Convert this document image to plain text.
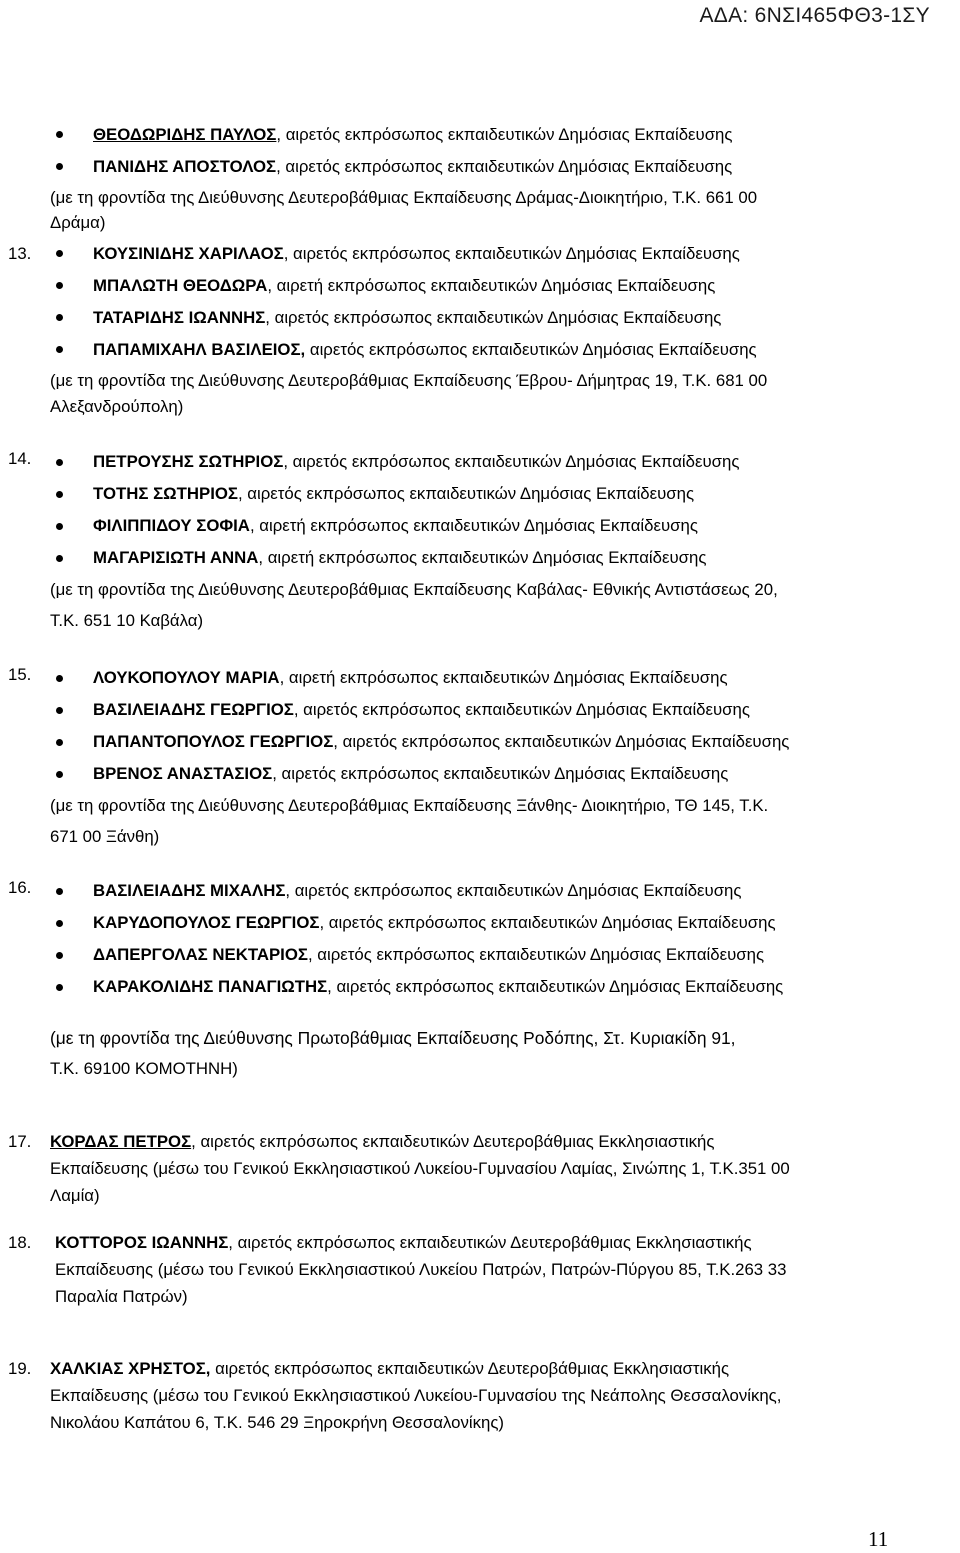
ΑΔΑ: 6ΝΣΙ465ΦΘ3-1ΣΥ
ΘΕΟΔΩΡΙΔΗΣ ΠΑΥΛΟΣ, αιρετός εκπρόσωπος εκπαιδευτικών Δημόσιας Εκπαίδευσης
ΠΑΝΙΔΗΣ ΑΠΟΣΤΟΛΟΣ, αιρετός εκπρόσωπος εκπαιδευτικών Δημόσιας Εκπαίδευσης
(με τη φροντίδα της Διεύθυνσης Δευτεροβάθμιας Εκπαίδευσης Δράμας-Διοικητήριο, Τ.Κ. 661 00
Δράμα)
13.	ΚΟΥΣΙΝΙΔΗΣ ΧΑΡΙΛΑΟΣ, αιρετός εκπρόσωπος εκπαιδευτικών Δημόσιας Εκπαίδευσης
ΜΠΑΛΩΤΗ ΘΕΟΔΩΡΑ, αιρετή εκπρόσωπος εκπαιδευτικών Δημόσιας Εκπαίδευσης
ΤΑΤΑΡΙΔΗΣ ΙΩΑΝΝΗΣ, αιρετός εκπρόσωπος εκπαιδευτικών Δημόσιας Εκπαίδευσης
ΠΑΠΑΜΙΧΑΗΛ ΒΑΣΙΛΕΙΟΣ, αιρετός εκπρόσωπος εκπαιδευτικών Δημόσιας Εκπαίδευσης
(με τη φροντίδα της Διεύθυνσης Δευτεροβάθμιας Εκπαίδευσης Έβρου- Δήμητρας 19, Τ.Κ. 681 00
Αλεξανδρούπολη)
14.	ΠΕΤΡΟΥΣΗΣ ΣΩΤΗΡΙΟΣ, αιρετός εκπρόσωπος εκπαιδευτικών Δημόσιας Εκπαίδευσης
ΤΟΤΗΣ ΣΩΤΗΡΙΟΣ, αιρετός εκπρόσωπος εκπαιδευτικών Δημόσιας Εκπαίδευσης
ΦΙΛΙΠΠΙΔΟΥ ΣΟΦΙΑ, αιρετή εκπρόσωπος εκπαιδευτικών Δημόσιας Εκπαίδευσης
ΜΑΓΑΡΙΣΙΩΤΗ ΑΝΝΑ, αιρετή εκπρόσωπος εκπαιδευτικών Δημόσιας Εκπαίδευσης
(με τη φροντίδα της Διεύθυνσης Δευτεροβάθμιας Εκπαίδευσης Καβάλας- Εθνικής Αντιστάσεως 20,
Τ.Κ. 651 10 Καβάλα)
15.	ΛΟΥΚΟΠΟΥΛΟΥ ΜΑΡΙΑ, αιρετή εκπρόσωπος εκπαιδευτικών Δημόσιας Εκπαίδευσης
ΒΑΣΙΛΕΙΑΔΗΣ ΓΕΩΡΓΙΟΣ, αιρετός εκπρόσωπος εκπαιδευτικών Δημόσιας Εκπαίδευσης
ΠΑΠΑΝΤΟΠΟΥΛΟΣ ΓΕΩΡΓΙΟΣ, αιρετός εκπρόσωπος εκπαιδευτικών Δημόσιας Εκπαίδευσης
ΒΡΕΝΟΣ ΑΝΑΣΤΑΣΙΟΣ, αιρετός εκπρόσωπος εκπαιδευτικών Δημόσιας Εκπαίδευσης
(με τη φροντίδα της Διεύθυνσης Δευτεροβάθμιας Εκπαίδευσης Ξάνθης- Διοικητήριο, ΤΘ 145, Τ.Κ.
671 00 Ξάνθη)
16.	ΒΑΣΙΛΕΙΑΔΗΣ ΜΙΧΑΛΗΣ, αιρετός εκπρόσωπος εκπαιδευτικών Δημόσιας Εκπαίδευσης
ΚΑΡΥΔΟΠΟΥΛΟΣ ΓΕΩΡΓΙΟΣ, αιρετός εκπρόσωπος εκπαιδευτικών Δημόσιας Εκπαίδευσης
ΔΑΠΕΡΓΟΛΑΣ ΝΕΚΤΑΡΙΟΣ, αιρετός εκπρόσωπος εκπαιδευτικών Δημόσιας Εκπαίδευσης
ΚΑΡΑΚΟΛΙΔΗΣ ΠΑΝΑΓΙΩΤΗΣ, αιρετός εκπρόσωπος εκπαιδευτικών Δημόσιας Εκπαίδευσης
(με τη φροντίδα της Διεύθυνσης Πρωτοβάθμιας Εκπαίδευσης Ροδόπης, Στ. Κυριακίδη 91,
Τ.Κ. 69100 ΚΟΜΟΤΗΝΗ)
17. ΚΟΡΔΑΣ ΠΕΤΡΟΣ, αιρετός εκπρόσωπος εκπαιδευτικών Δευτεροβάθμιας Εκκλησιαστικής
Εκπαίδευσης (μέσω του Γενικού Εκκλησιαστικού Λυκείου-Γυμνασίου Λαμίας, Σινώπης 1, Τ.Κ.351 00
Λαμία)
18. ΚΟΤΤΟΡΟΣ ΙΩΑΝΝΗΣ, αιρετός εκπρόσωπος εκπαιδευτικών Δευτεροβάθμιας Εκκλησιαστικής
Εκπαίδευσης (μέσω του Γενικού Εκκλησιαστικού Λυκείου Πατρών, Πατρών-Πύργου 85, Τ.Κ.263 33
Παραλία Πατρών)
19. ΧΑΛΚΙΑΣ ΧΡΗΣΤΟΣ, αιρετός εκπρόσωπος εκπαιδευτικών Δευτεροβάθμιας Εκκλησιαστικής
Εκπαίδευσης (μέσω του Γενικού Εκκλησιαστικού Λυκείου-Γυμνασίου της Νεάπολης Θεσσαλονίκης,
Νικολάου Καπάτου 6, Τ.Κ. 546 29 Ξηροκρήνη Θεσσαλονίκης)
11
